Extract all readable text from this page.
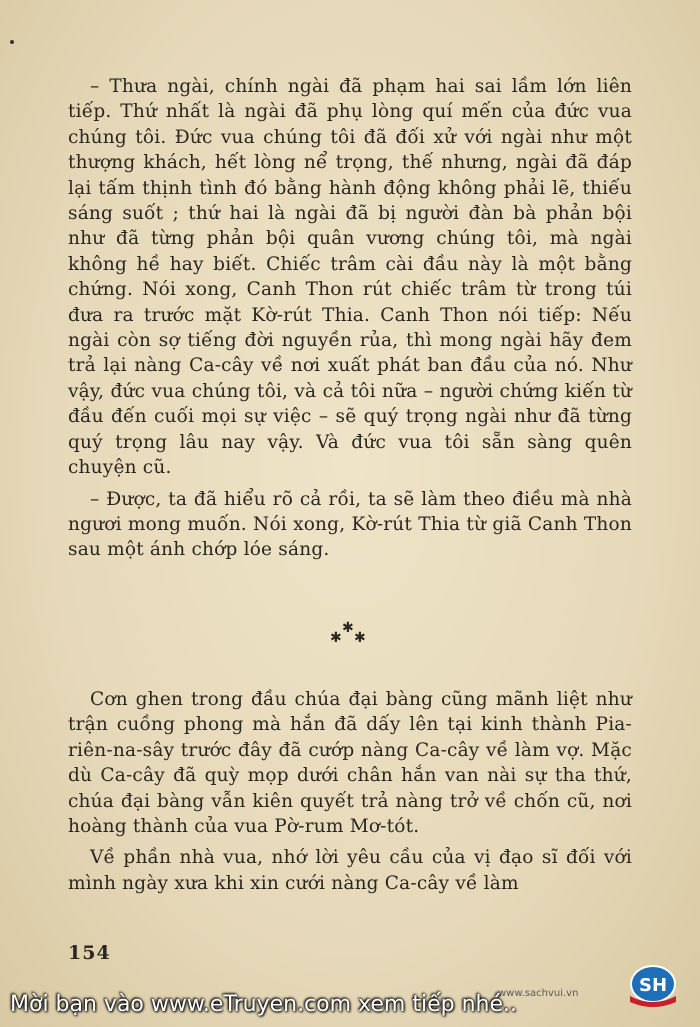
– Thưa ngài, chính ngài đã phạm hai sai lầm lớn liên tiếp. Thứ nhất là ngài đã phụ lòng quí mến của đức vua chúng tôi. Đức vua chúng tôi đã đối xử với ngài như một thượng khách, hết lòng nể trọng, thế nhưng, ngài đã đáp lại tấm thịnh tình đó bằng hành động không phải lẽ, thiếu sáng suốt ; thứ hai là ngài đã bị người đàn bà phản bội như đã từng phản bội quân vương chúng tôi, mà ngài không hề hay biết. Chiếc trâm cài đầu này là một bằng chứng. Nói xong, Canh Thon rút chiếc trâm từ trong túi đưa ra trước mặt Kờ-rút Thia. Canh Thon nói tiếp: Nếu ngài còn sợ tiếng đời nguyền rủa, thì mong ngài hãy đem trả lại nàng Ca-cây về nơi xuất phát ban đầu của nó. Như vậy, đức vua chúng tôi, và cả tôi nữa – người chứng kiến từ đầu đến cuối mọi sự việc – sẽ quý trọng ngài như đã từng quý trọng lâu nay vậy. Và đức vua tôi sẵn sàng quên chuyện cũ.

– Được, ta đã hiểu rõ cả rồi, ta sẽ làm theo điều mà nhà ngươi mong muốn. Nói xong, Kờ-rút Thia từ giã Canh Thon sau một ánh chớp lóe sáng.

✱
✱ ✱

Cơn ghen trong đầu chúa đại bàng cũng mãnh liệt như trận cuồng phong mà hắn đã dấy lên tại kinh thành Pia-riên-na-sây trước đây đã cướp nàng Ca-cây về làm vợ. Mặc dù Ca-cây đã quỳ mọp dưới chân hắn van nài sự tha thứ, chúa đại bàng vẫn kiên quyết trả nàng trở về chốn cũ, nơi hoàng thành của vua Pờ-rum Mơ-tót.

Về phần nhà vua, nhớ lời yêu cầu của vị đạo sĩ đối với mình ngày xưa khi xin cưới nàng Ca-cây về làm

154
SH
www.sachvui.vn
Mời bạn vào www.eTruyen.com xem tiếp nhé..
